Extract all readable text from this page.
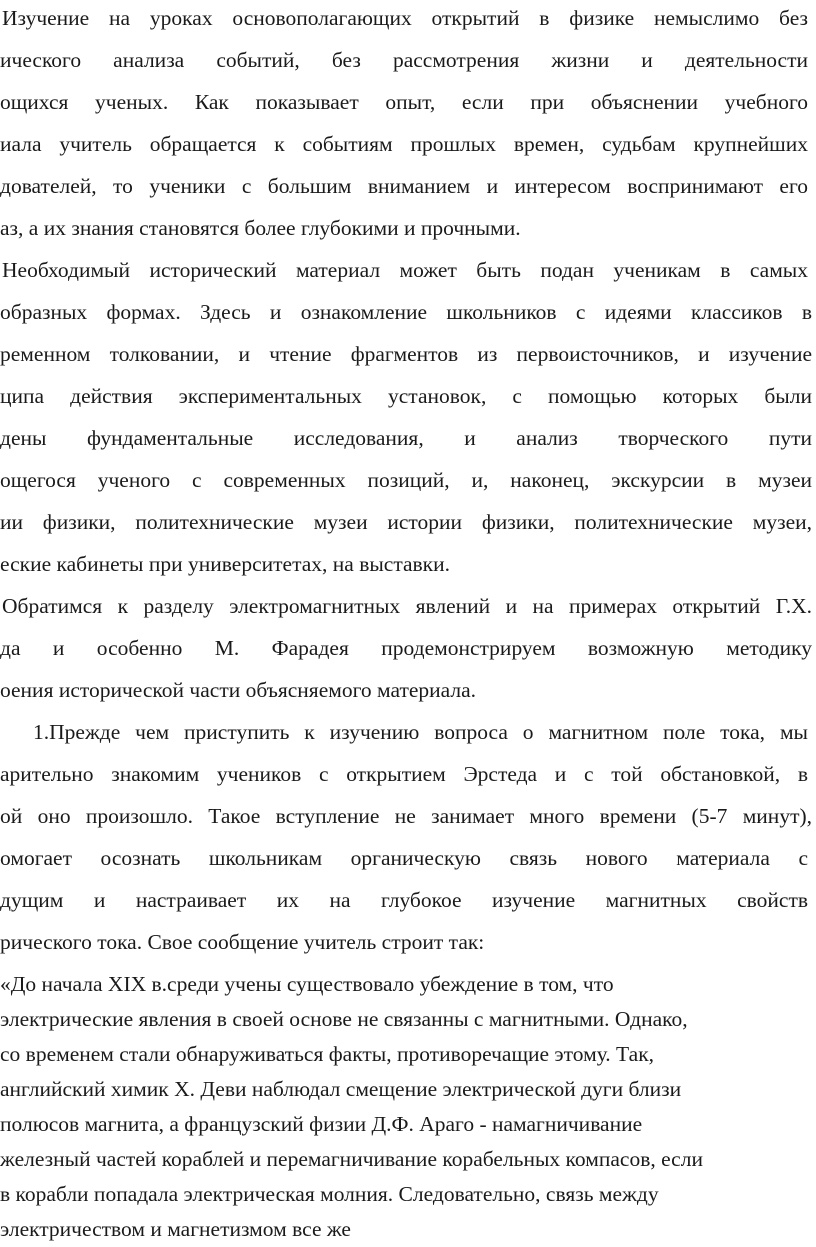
Изучение на уроках основополагающих открытий в физике немыслимо без
ического анализа событий, без рассмотрения жизни и деятельности
ощихся ученых. Как показывает опыт, если при объяснении учебного
иала учитель обращается к событиям прошлых времен, судьбам крупнейших
дователей, то ученики с большим вниманием и интересом воспринимают его
аз, а их знания становятся более глубокими и прочными.
Необходимый исторический материал может быть подан ученикам в самых
образных формах. Здесь и ознакомление школьников с идеями классиков в
ременном толковании, и чтение фрагментов из первоисточников, и изучение
ципа действия экспериментальных установок, с помощью которых были
дены фундаментальные исследования, и анализ творческого пути
ощегося ученого с современных позиций, и, наконец, экскурсии в музеи
ии физики, политехнические музеи истории физики, политехнические музеи,
еские кабинеты при университетах, на выставки.
Обратимся к разделу электромагнитных явлений и на примерах открытий Г.Х.
да и особенно М. Фарадея продемонстрируем возможную методику
оения исторической части объясняемого материала.
1.Прежде чем приступить к изучению вопроса о магнитном поле тока, мы
арительно знакомим учеников с открытием Эрстеда и с той обстановкой, в
ой оно произошло. Такое вступление не занимает много времени (5-7 минут),
омогает осознать школьникам органическую связь нового материала с
дущим и настраивает их на глубокое изучение магнитных свойств
рического тока. Свое сообщение учитель строит так:
«До начала XIX в.среди учены существовало убеждение в том, что
электрические явления в своей основе не связанны с магнитными. Однако,
со временем стали обнаруживаться факты, противоречащие этому. Так,
английский химик Х. Деви наблюдал смещение электрической дуги близи
полюсов магнита, а французский физии Д.Ф. Араго - намагничивание
железный частей кораблей и перемагничивание корабельных компасов, если
в корабли попадала электрическая молния. Следовательно, связь между
электричеством и магнетизмом все же
